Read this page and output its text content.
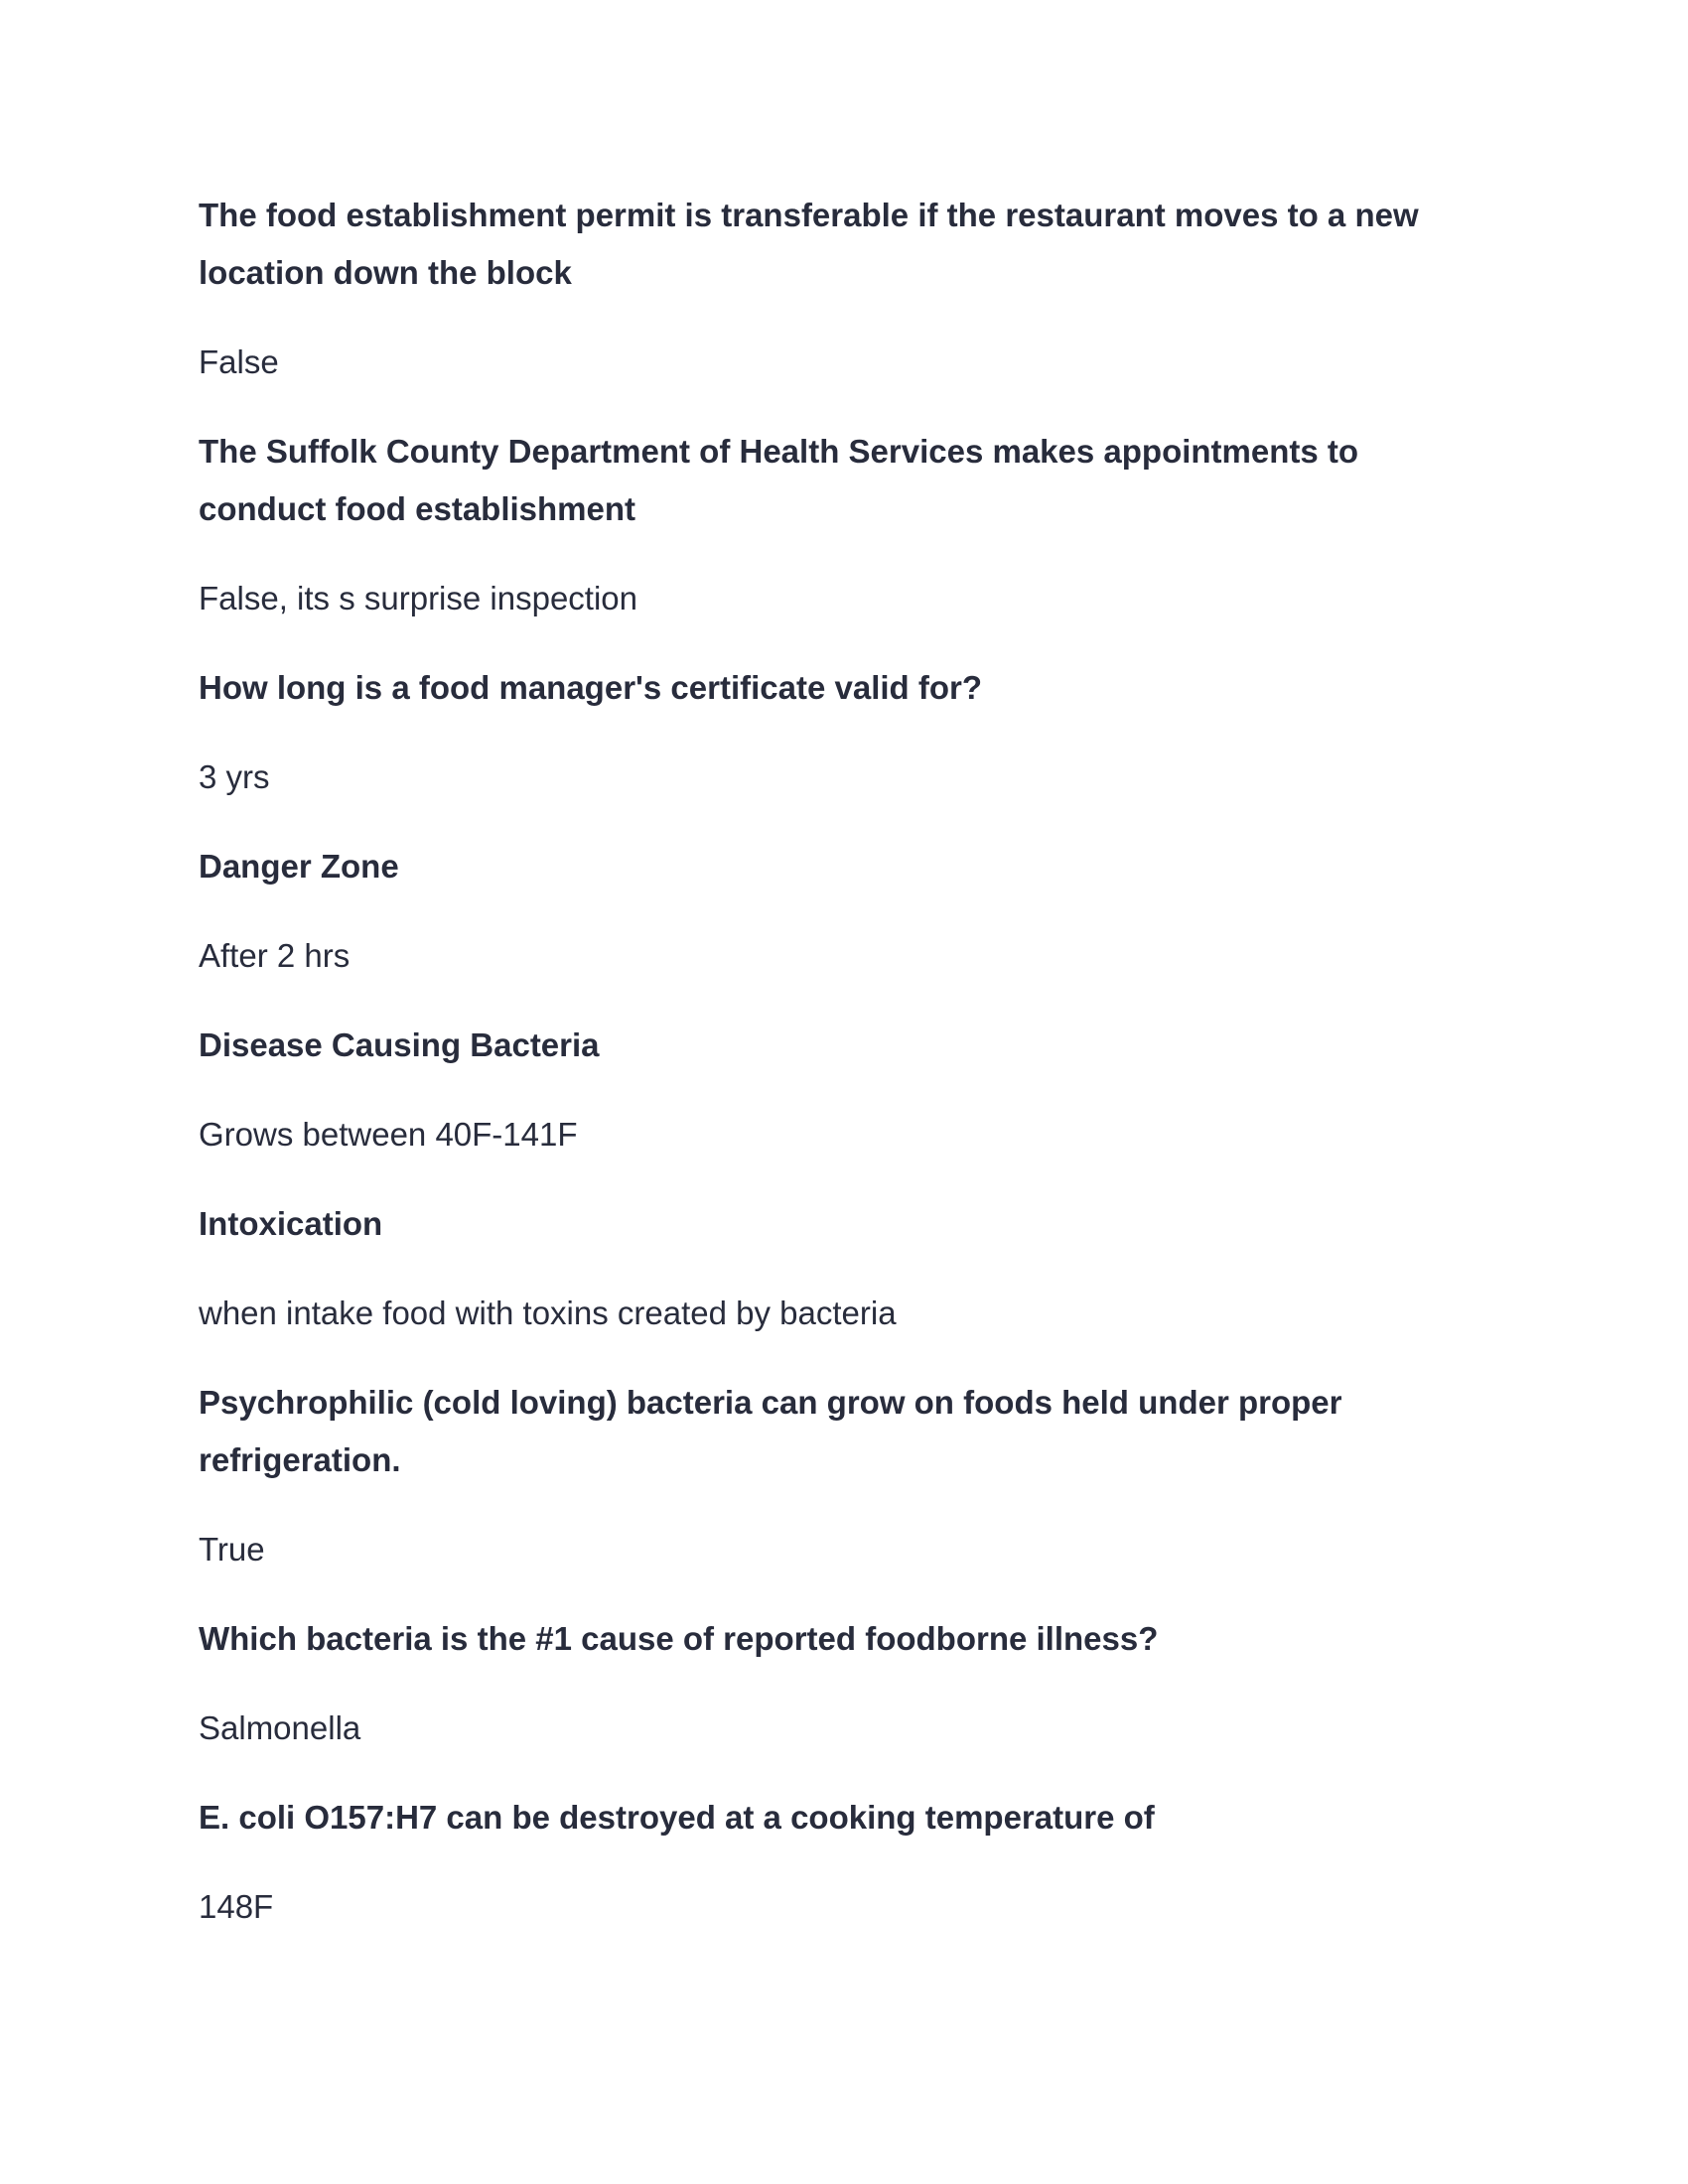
The food establishment permit is transferable if the restaurant moves to a new location down the block

False

The Suffolk County Department of Health Services makes appointments to conduct food establishment

False, its s surprise inspection

How long is a food manager's certificate valid for?

3 yrs

Danger Zone

After 2 hrs

Disease Causing Bacteria

Grows between 40F-141F

Intoxication

when intake food with toxins created by bacteria

Psychrophilic (cold loving) bacteria can grow on foods held under proper refrigeration.

True

Which bacteria is the #1 cause of reported foodborne illness?

Salmonella

E. coli O157:H7 can be destroyed at a cooking temperature of

148F
